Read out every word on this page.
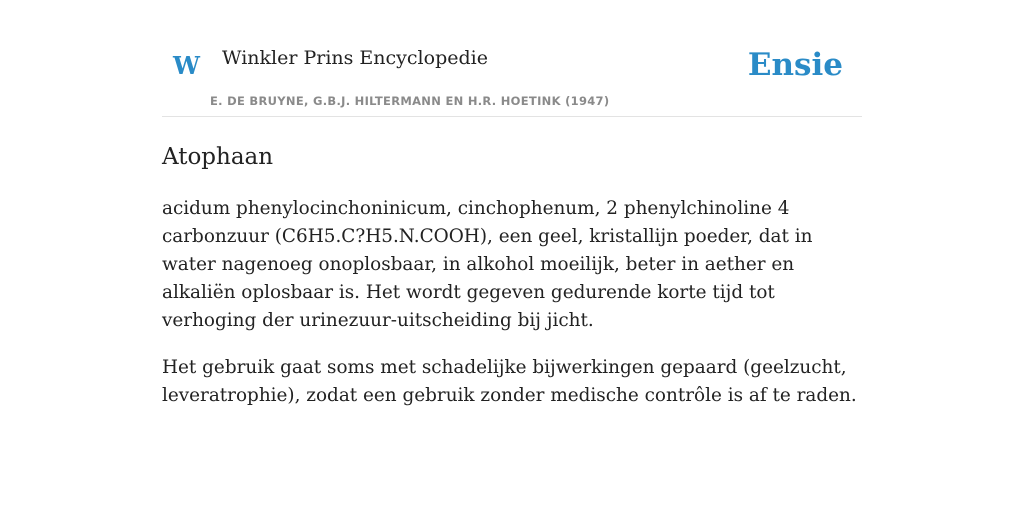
W Winkler Prins Encyclopedie
E. DE BRUYNE, G.B.J. HILTERMANN EN H.R. HOETINK (1947)
Ensie
Atophaan

acidum phenylocinchoninicum, cinchophenum, 2 phenylchinoline 4 carbonzuur (C6H5.C?H5.N.COOH), een geel, kristallijn poeder, dat in water nagenoeg onoplosbaar, in alkohol moeilijk, beter in aether en alkaliën oplosbaar is. Het wordt gegeven gedurende korte tijd tot verhoging der urinezuur-uitscheiding bij jicht.

Het gebruik gaat soms met schadelijke bijwerkingen gepaard (geelzucht, leveratrophie), zodat een gebruik zonder medische contrôle is af te raden.
